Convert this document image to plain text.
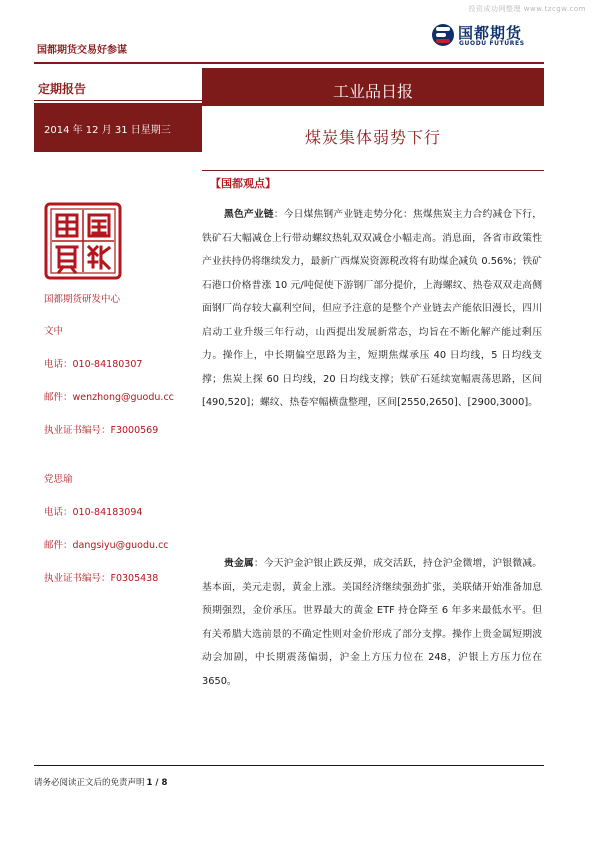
投资成功网整理 www.tzcgw.com
国都期货交易好参谋
国都期货
GUODU FUTURES
定期报告
2014 年 12 月 31 日星期三
工业品日报
煤炭集体弱势下行
【国都观点】
国都期货研发中心
文中
电话：010-84180307
邮件：wenzhong@guodu.cc
执业证书编号：F3000569
党思瑜
电话：010-84183094
邮件：dangsiyu@guodu.cc
执业证书编号：F0305438
黑色产业链：今日煤焦钢产业链走势分化：焦煤焦炭主力合约减仓下行，铁矿石大幅减仓上行带动螺纹热轧双双减仓小幅走高。消息面，各省市政策性产业扶持仍将继续发力，最新广西煤炭资源税改将有助煤企减负 0.56%；铁矿石港口价格普涨 10 元/吨促使下游钢厂部分提价，上海螺纹、热卷双双走高侧面钢厂尚存较大赢利空间，但应予注意的是整个产业链去产能依旧漫长，四川启动工业升级三年行动，山西提出发展新常态，均旨在不断化解产能过剩压力。操作上，中长期偏空思路为主，短期焦煤承压 40 日均线，5 日均线支撑；焦炭上探 60 日均线，20 日均线支撑；铁矿石延续宽幅震荡思路，区间[490,520]；螺纹、热卷窄幅横盘整理，区间[2550,2650]、[2900,3000]。
贵金属：今天沪金沪银止跌反弹，成交活跃，持仓沪金微增，沪银微减。基本面，美元走弱，黄金上涨。美国经济继续强劲扩张，美联储开始准备加息预期强烈，金价承压。世界最大的黄金 ETF 持仓降至 6 年多来最低水平。但有关希腊大选前景的不确定性则对金价形成了部分支撑。操作上贵金属短期波动会加剧，中长期震荡偏弱，沪金上方压力位在 248，沪银上方压力位在 3650。
请务必阅读正文后的免责声明 1 / 8
